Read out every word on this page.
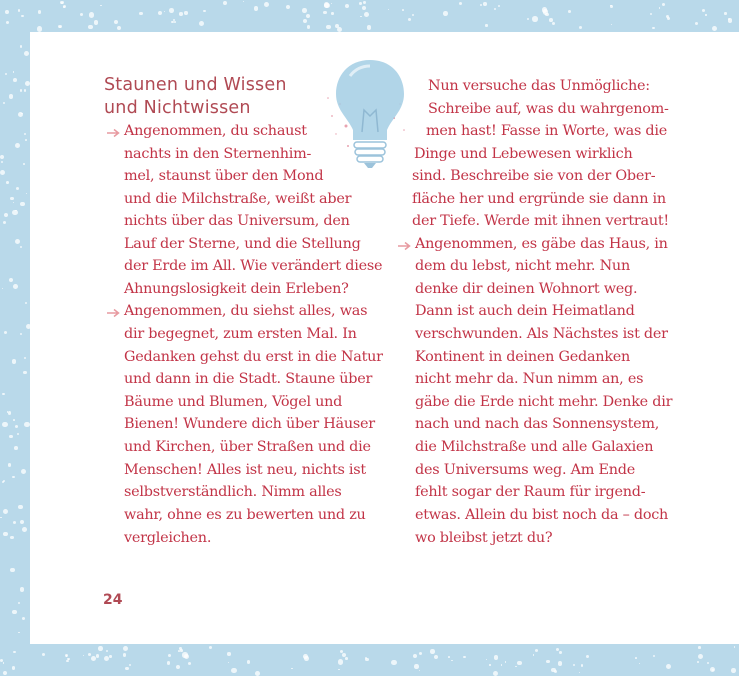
Staunen und Wissen
und Nichtwissen
Angenommen, du schaust
nachts in den Sternenhim-
mel, staunst über den Mond
und die Milchstraße, weißt aber
nichts über das Universum, den
Lauf der Sterne, und die Stellung
der Erde im All. Wie verändert diese
Ahnungslosigkeit dein Erleben?
Angenommen, du siehst alles, was
dir begegnet, zum ersten Mal. In
Gedanken gehst du erst in die Natur
und dann in die Stadt. Staune über
Bäume und Blumen, Vögel und
Bienen! Wundere dich über Häuser
und Kirchen, über Straßen und die
Menschen! Alles ist neu, nichts ist
selbstverständlich. Nimm alles
wahr, ohne es zu bewerten und zu
vergleichen.
Nun versuche das Unmögliche:
Schreibe auf, was du wahrgenom-
men hast! Fasse in Worte, was die
Dinge und Lebewesen wirklich
sind. Beschreibe sie von der Ober-
fläche her und ergründe sie dann in
der Tiefe. Werde mit ihnen vertraut!
Angenommen, es gäbe das Haus, in
dem du lebst, nicht mehr. Nun
denke dir deinen Wohnort weg.
Dann ist auch dein Heimatland
verschwunden. Als Nächstes ist der
Kontinent in deinen Gedanken
nicht mehr da. Nun nimm an, es
gäbe die Erde nicht mehr. Denke dir
nach und nach das Sonnensystem,
die Milchstraße und alle Galaxien
des Universums weg. Am Ende
fehlt sogar der Raum für irgend-
etwas. Allein du bist noch da – doch
wo bleibst jetzt du?
24
